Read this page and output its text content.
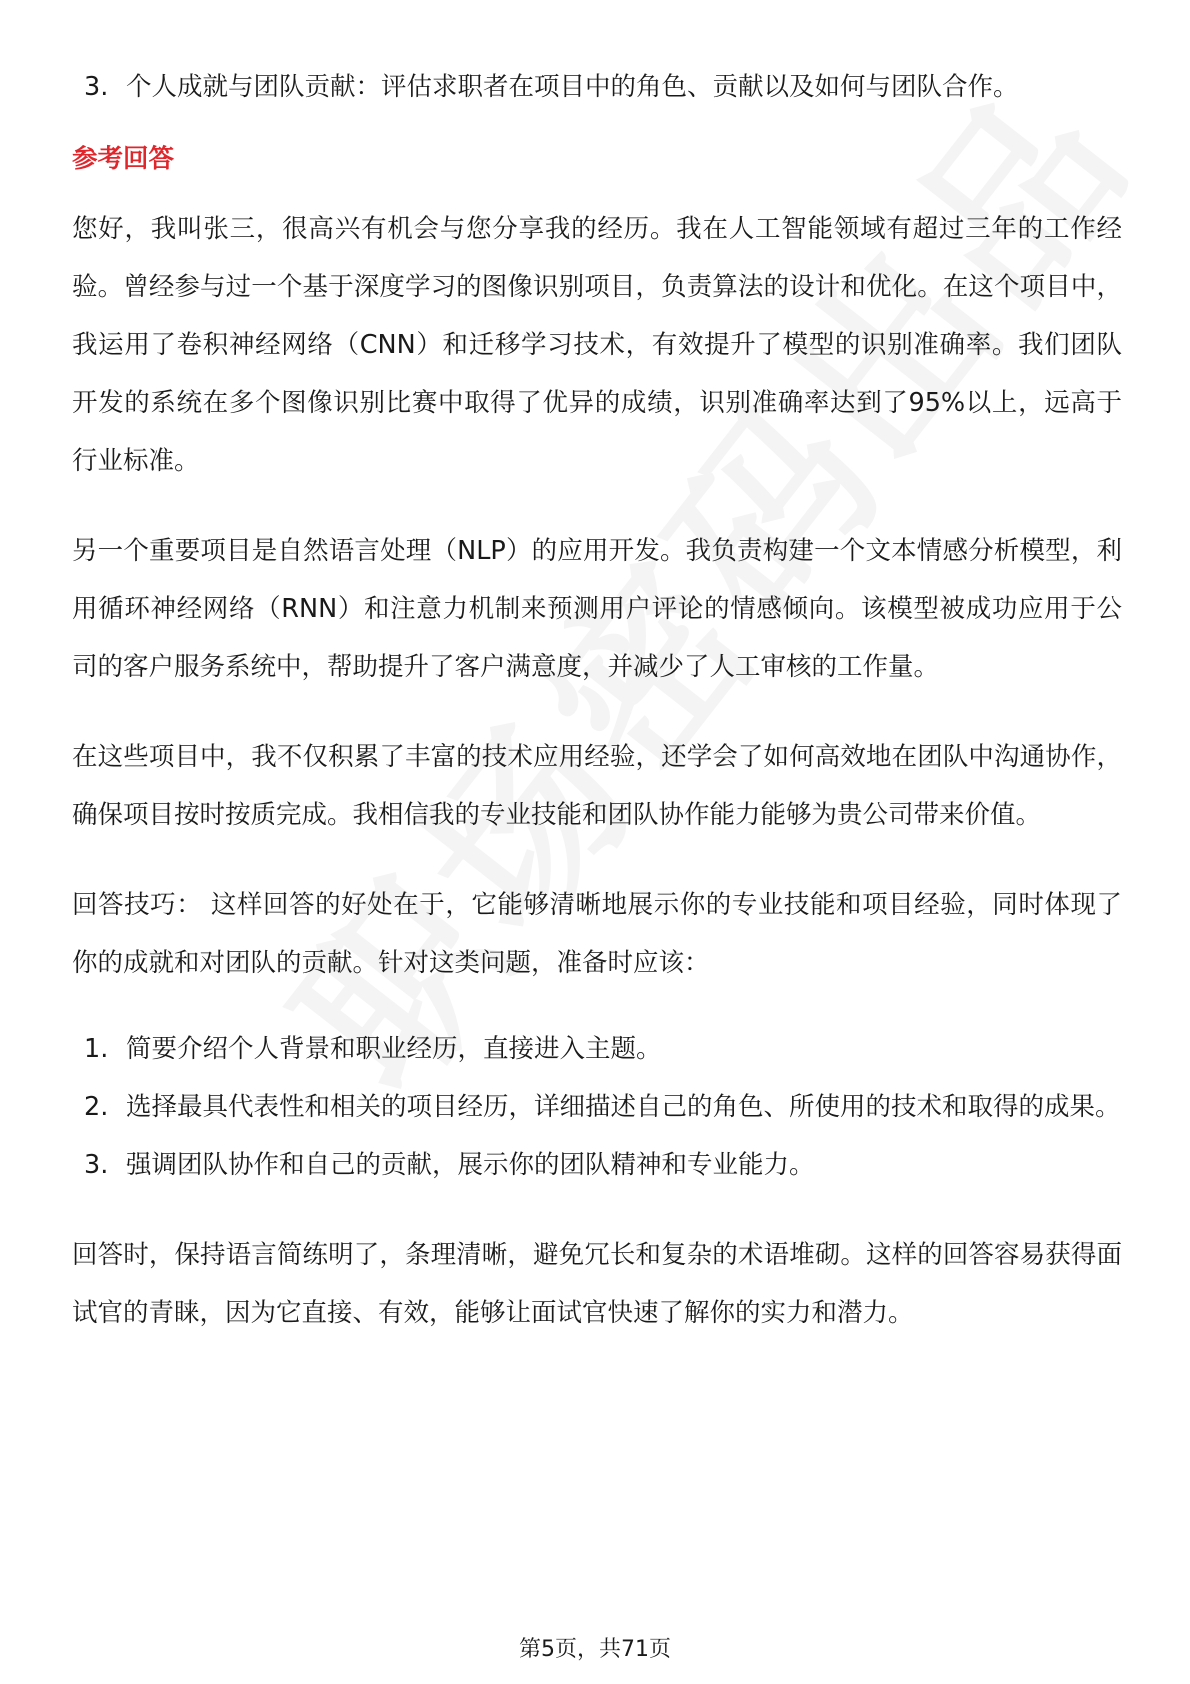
3. 个人成就与团队贡献：评估求职者在项目中的角色、贡献以及如何与团队合作。
参考回答

您好，我叫张三，很高兴有机会与您分享我的经历。我在人工智能领域有超过三年的工作经验。曾经参与过一个基于深度学习的图像识别项目，负责算法的设计和优化。在这个项目中，我运用了卷积神经网络（CNN）和迁移学习技术，有效提升了模型的识别准确率。我们团队开发的系统在多个图像识别比赛中取得了优异的成绩，识别准确率达到了95%以上，远高于行业标准。

另一个重要项目是自然语言处理（NLP）的应用开发。我负责构建一个文本情感分析模型，利用循环神经网络（RNN）和注意力机制来预测用户评论的情感倾向。该模型被成功应用于公司的客户服务系统中，帮助提升了客户满意度，并减少了人工审核的工作量。

在这些项目中，我不仅积累了丰富的技术应用经验，还学会了如何高效地在团队中沟通协作，确保项目按时按质完成。我相信我的专业技能和团队协作能力能够为贵公司带来价值。

回答技巧： 这样回答的好处在于，它能够清晰地展示你的专业技能和项目经验，同时体现了你的成就和对团队的贡献。针对这类问题，准备时应该：

1. 简要介绍个人背景和职业经历，直接进入主题。
2. 选择最具代表性和相关的项目经历，详细描述自己的角色、所使用的技术和取得的成果。
3. 强调团队协作和自己的贡献，展示你的团队精神和专业能力。

回答时，保持语言简练明了，条理清晰，避免冗长和复杂的术语堆砌。这样的回答容易获得面试官的青睐，因为它直接、有效，能够让面试官快速了解你的实力和潜力。

第5页，共71页
